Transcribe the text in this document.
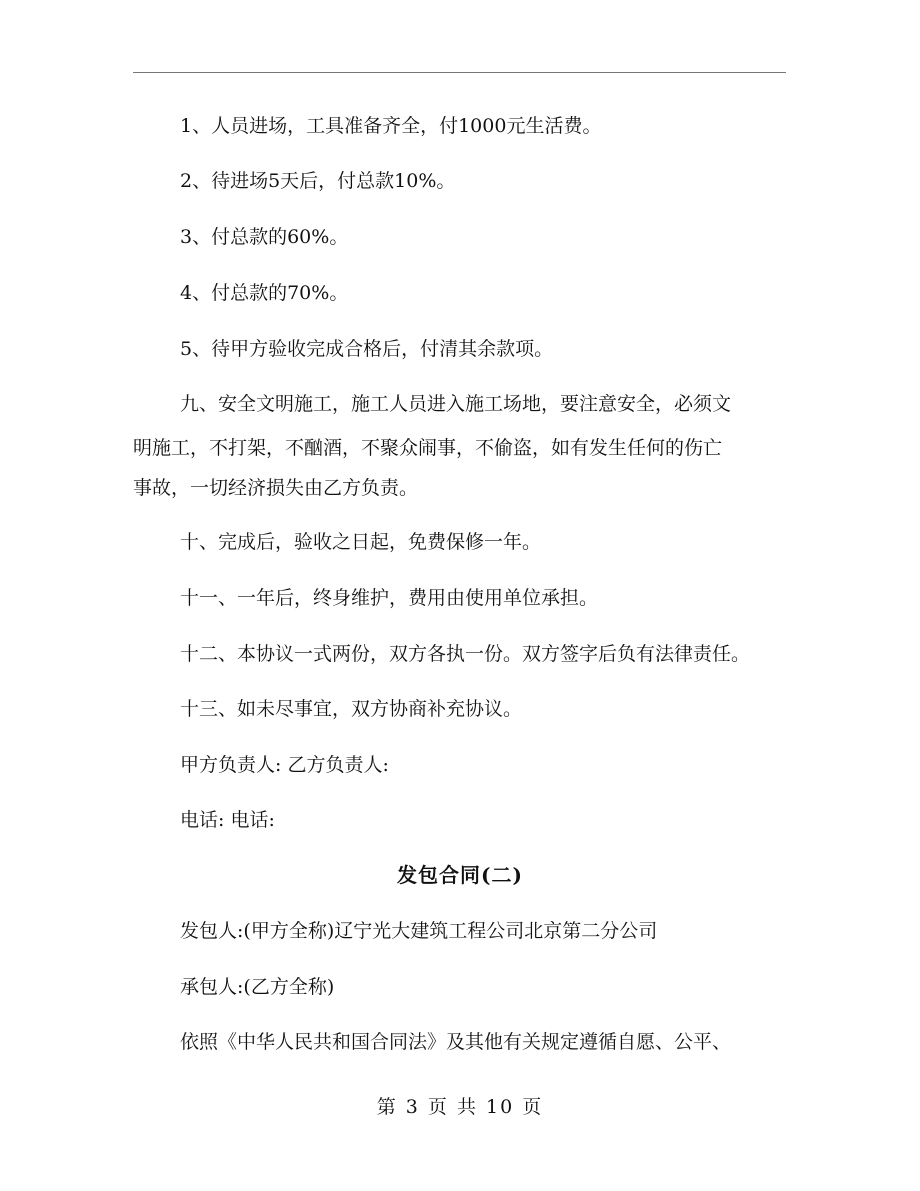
1、人员进场，工具准备齐全，付1000元生活费。
2、待进场5天后，付总款10%。
3、付总款的60%。
4、付总款的70%。
5、待甲方验收完成合格后，付清其余款项。
九、安全文明施工，施工人员进入施工场地，要注意安全，必须文
明施工，不打架，不酗酒，不聚众闹事，不偷盗，如有发生任何的伤亡
事故，一切经济损失由乙方负责。
十、完成后，验收之日起，免费保修一年。
十一、一年后，终身维护，费用由使用单位承担。
十二、本协议一式两份，双方各执一份。双方签字后负有法律责任。
十三、如未尽事宜，双方协商补充协议。
甲方负责人: 乙方负责人:
电话: 电话:
发包合同(二)
发包人:(甲方全称)辽宁光大建筑工程公司北京第二分公司
承包人:(乙方全称)
依照《中华人民共和国合同法》及其他有关规定遵循自愿、公平、
第 3 页 共 10 页
